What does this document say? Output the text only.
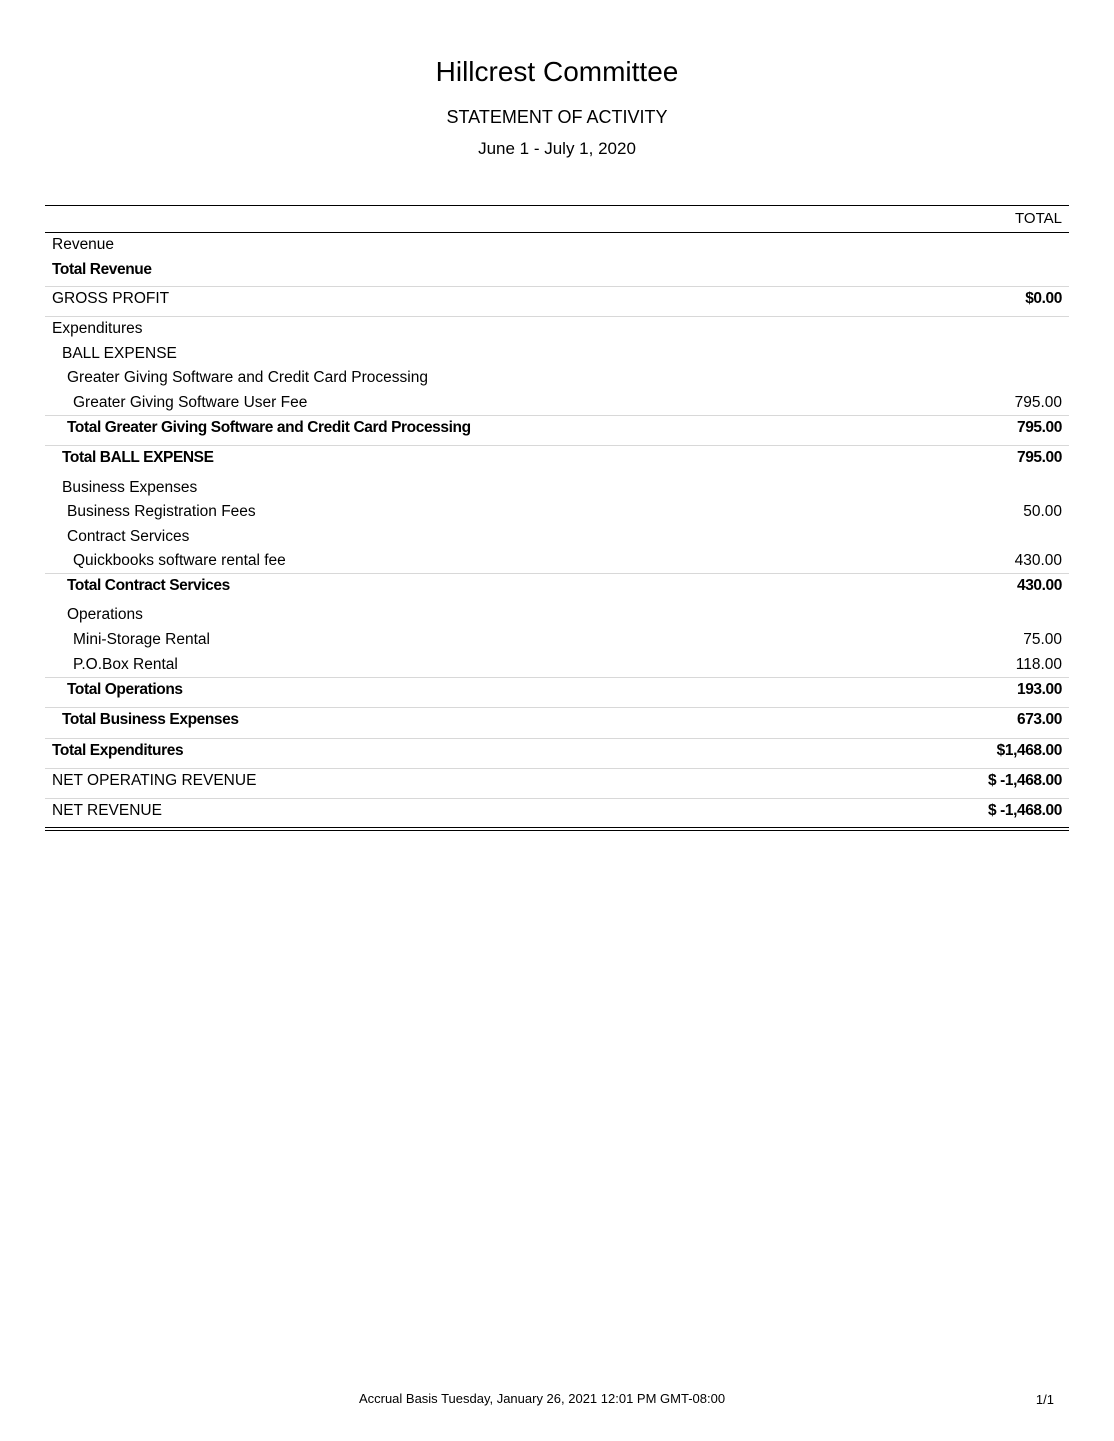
Hillcrest Committee
STATEMENT OF ACTIVITY
June 1 - July 1, 2020
TOTAL
Revenue
Total Revenue
GROSS PROFIT	$0.00
Expenditures
BALL EXPENSE
Greater Giving Software and Credit Card Processing
Greater Giving Software User Fee	795.00
Total Greater Giving Software and Credit Card Processing	795.00
Total BALL EXPENSE	795.00
Business Expenses
Business Registration Fees	50.00
Contract Services
Quickbooks software rental fee	430.00
Total Contract Services	430.00
Operations
Mini-Storage Rental	75.00
P.O.Box Rental	118.00
Total Operations	193.00
Total Business Expenses	673.00
Total Expenditures	$1,468.00
NET OPERATING REVENUE	$ -1,468.00
NET REVENUE	$ -1,468.00
Accrual Basis Tuesday, January 26, 2021 12:01 PM GMT-08:00	1/1
